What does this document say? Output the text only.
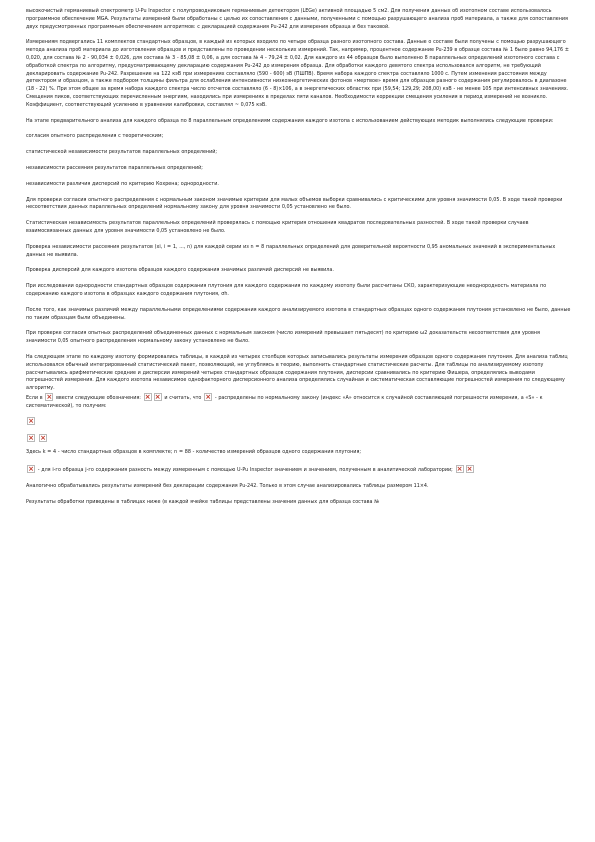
высокочистый германиевый спектрометр U-Pu Inspector с полупроводниковым германиевым детектором (LEGe) активной площадью 5 см2. Для получения данных об изотопном составе использовалось программное обеспечение MGA. Результаты измерений были обработаны с целью их сопоставления с данными, полученными с помощью разрушающего анализа проб материала, а также для сопоставления двух предусмотренных программным обеспечением алгоритмов: с декларацией содержания Pu-242 для измерения образца и без таковой.

Измерениям подвергались 11 комплектов стандартных образцов, в каждый из которых входило по четыре образца разного изотопного состава. Данные о составе были получены с помощью разрушающего метода анализа проб материала до изготовления образцов и представлены по проведении нескольких измерений. Так, например, процентное содержание Pu-239 в образце состава № 1 было равно 94,176 ± 0,020, для состава № 2 - 90,034 ± 0,026, для состава № 3 - 85,08 ± 0,06, а для состава № 4 - 79,24 ± 0,02. Для каждого из 44 образцов было выполнено 8 параллельных определений изотопного состава с обработкой спектра по алгоритму, предусматривающему декларацию содержания Pu-242 до измерения образца. Для обработки каждого девятого спектра использовался алгоритм, не требующий декларировать содержание Pu-242. Разрешение на 122 кэВ при измерениях составляло (590 - 600) эВ (ПШПВ). Время набора каждого спектра составляло 1000 с. Путем изменения расстояния между детектором и образцом, а также подбором толщины фильтра для ослабления интенсивности низкоэнергетических фотонов «мертвое» время для образцов разного содержания регулировалось в диапазоне (18 - 22) %. При этом общее за время набора каждого спектра число отсчетов составляло (6 - 8)×106, а в энергетических областях при (59,54; 129,29; 208,00) кэВ - не менее 105 при интенсивных значениях. Смещения пиков, соответствующих перечисленным энергиям, находились при измерениях в пределах пяти каналов. Необходимости коррекции смещения усиления в период измерений не возникло. Коэффициент, соответствующий усилению в уравнении калибровки, составлял ~ 0,075 кэВ.

На этапе предварительного анализа для каждого образца по 8 параллельным определениям содержания каждого изотопа с использованием действующих методик выполнялись следующие проверки:

согласия опытного распределения с теоретическим;

статистической независимости результатов параллельных определений;

независимости рассеяния результатов параллельных определений;

независимости различия дисперсий по критерию Кохрена; однородности.

Для проверки согласия опытного распределения с нормальным законом значимые критерии для малых объемов выборки сравнивались с критическими для уровня значимости 0,05. В ходе такой проверки несоответствия данных параллельных определений нормальному закону для уровня значимости 0,05 установлено не было.

Статистическая независимость результатов параллельных определений проверялась с помощью критерия отношения квадратов последовательных разностей. В ходе такой проверки случаев взаимосвязанных данных для уровня значимости 0,05 установлено не было.

Проверка независимости рассеяния результатов (xi, i = 1, ..., n) для каждой серии из n = 8 параллельных определений для доверительной вероятности 0,95 аномальных значений в экспериментальных данных не выявила.

Проверка дисперсий для каждого изотопа образцов каждого содержания значимых различий дисперсий не выявила.

При исследовании однородности стандартных образцов содержания плутония для каждого содержания по каждому изотопу были рассчитаны СКО, характеризующие неоднородность материала по содержанию каждого изотопа в образцах каждого содержания плутония, σh.

После того, как значимых различий между параллельными определениями содержания каждого анализируемого изотопа в стандартных образцах одного содержания плутония установлено не было, данные по таким образцам были объединены.

При проверке согласия опытных распределений объединенных данных с нормальным законом (число измерений превышает пятьдесят) по критерию ω2 доказательств несоответствия для уровня значимости 0,05 опытного распределения нормальному закону установлено не было.

На следующем этапе по каждому изотопу формировались таблицы, в каждой из четырех столбцов которых записывались результаты измерения образцов одного содержания плутония. Для анализа таблиц использовался обычный интегрированный статистический пакет, позволяющий, не углубляясь в теорию, выполнить стандартные статистические расчеты. Для таблицы по анализируемому изотопу рассчитывались арифметические средние и дисперсии измерений четырех стандартных образцов содержания плутония, дисперсии сравнивались по критерию Фишера, определялись выводами погрешностей измерения. Для каждого изотопа независимое однофакторного дисперсионного анализа определялись случайная и систематическая составляющие погрешностей измерения по следующему алгоритму.

Если в ×	ввести следующие обозначения: × ×	и считать, что ×	- распределены по нормальному закону (индекс «А» относится к случайной составляющей погрешности измерения, а «S» - к систематической), то получим:

×
×
×

Здесь k = 4 - число стандартных образцов в комплекте; n = 88 - количество измерений образцов одного содержания плутония;

× - для i-го образца j-го содержания разность между измеренным с помощью U-Pu Inspector значением и значением, полученным в аналитической лаборатории; ××

Аналогично обрабатывались результаты измерений без декларации содержания Pu-242. Только в этом случае анализировались таблицы размером 11×4.

Результаты обработки приведены в таблицах ниже (в каждой ячейке таблицы представлены значения данных для образца состава №
